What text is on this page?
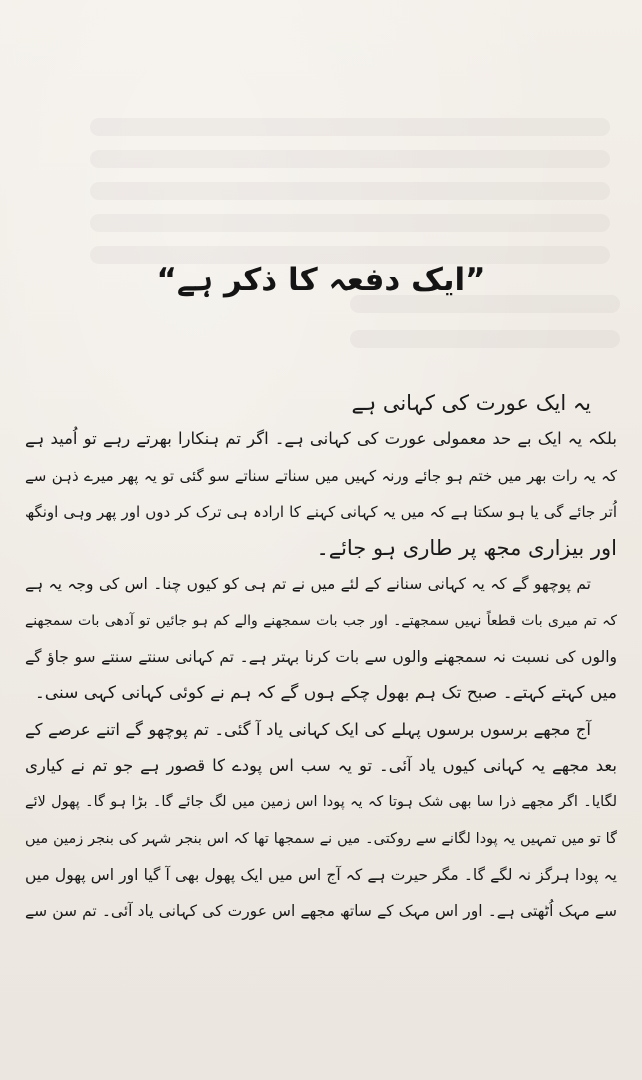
”ایک دفعہ کا ذکر ہے“
یہ ایک عورت کی کہانی ہے
بلکہ یہ ایک بے حد معمولی عورت کی کہانی ہے۔ اگر تم ہنکارا بھرتے رہے تو اُمید ہے
کہ یہ رات بھر میں ختم ہو جائے ورنہ کہیں میں سناتے سناتے سو گئی تو یہ پھر میرے ذہن سے
اُتر جائے گی یا ہو سکتا ہے کہ میں یہ کہانی کہنے کا ارادہ ہی ترک کر دوں اور پھر وہی اونگھ
اور بیزاری مجھ پر طاری ہو جائے۔
تم پوچھو گے کہ یہ کہانی سنانے کے لئے میں نے تم ہی کو کیوں چنا۔ اس کی وجہ یہ ہے
کہ تم میری بات قطعاً نہیں سمجھتے۔ اور جب بات سمجھنے والے کم ہو جائیں تو آدھی بات سمجھنے
والوں کی نسبت نہ سمجھنے والوں سے بات کرنا بہتر ہے۔ تم کہانی سنتے سنتے سو جاؤ گے
میں کہتے کہتے۔ صبح تک ہم بھول چکے ہوں گے کہ ہم نے کوئی کہانی کہی سنی۔
آج مجھے برسوں برسوں پہلے کی ایک کہانی یاد آ گئی۔ تم پوچھو گے اتنے عرصے کے
بعد مجھے یہ کہانی کیوں یاد آئی۔ تو یہ سب اس پودے کا قصور ہے جو تم نے کیاری
لگایا۔ اگر مجھے ذرا سا بھی شک ہوتا کہ یہ پودا اس زمین میں لگ جائے گا۔ بڑا ہو گا۔ پھول لائے
گا تو میں تمہیں یہ پودا لگانے سے روکتی۔ میں نے سمجھا تھا کہ اس بنجر شہر کی بنجر زمین میں
یہ پودا ہرگز نہ لگے گا۔ مگر حیرت ہے کہ آج اس میں ایک پھول بھی آ گیا اور اس پھول میں
سے مہک اُٹھتی ہے۔ اور اس مہک کے ساتھ مجھے اس عورت کی کہانی یاد آئی۔ تم سن سے
